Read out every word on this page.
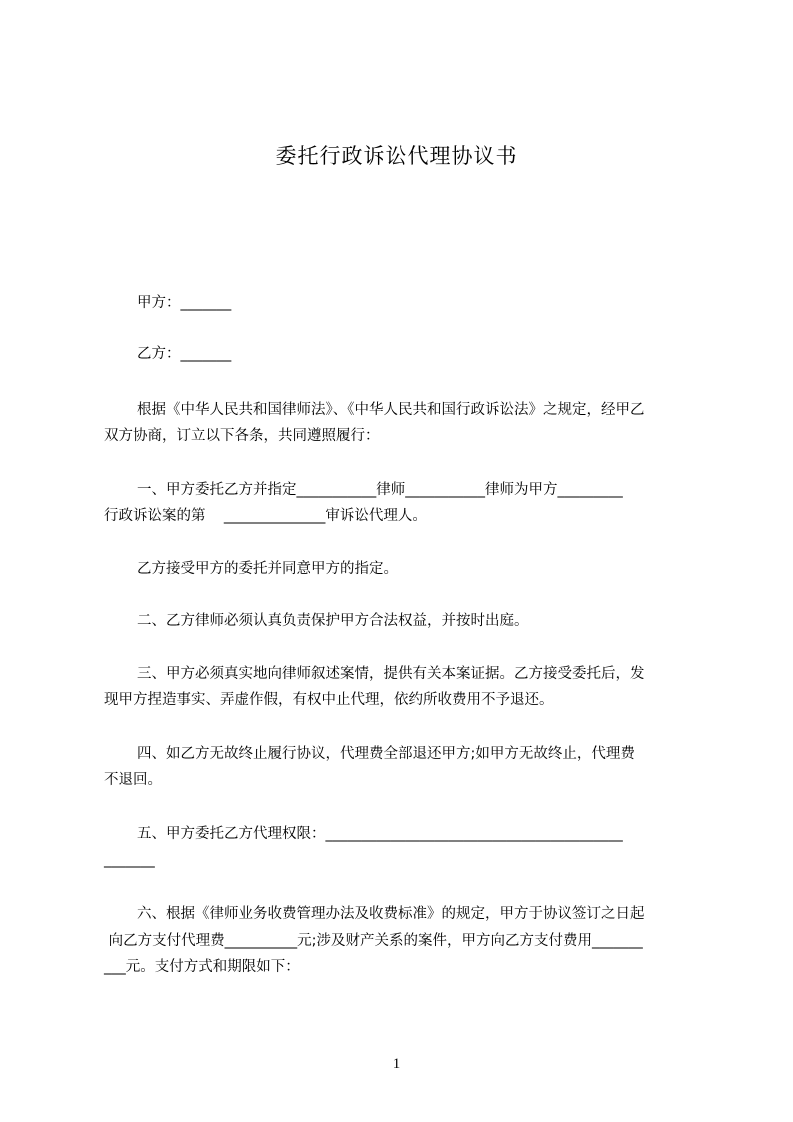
委托行政诉讼代理协议书
甲方：_______
乙方：_______
根据《中华人民共和国律师法》、《中华人民共和国行政诉讼法》之规定，经甲乙
双方协商，订立以下各条，共同遵照履行：
一、甲方委托乙方并指定___________律师___________律师为甲方_________
行政诉讼案的第    ______________审诉讼代理人。
乙方接受甲方的委托并同意甲方的指定。
二、乙方律师必须认真负责保护甲方合法权益，并按时出庭。
三、甲方必须真实地向律师叙述案情，提供有关本案证据。乙方接受委托后，发
现甲方捏造事实、弄虚作假，有权中止代理，依约所收费用不予退还。
四、如乙方无故终止履行协议，代理费全部退还甲方;如甲方无故终止，代理费
不退回。
五、甲方委托乙方代理权限：_________________________________________
_______
六、根据《律师业务收费管理办法及收费标准》的规定，甲方于协议签订之日起
向乙方支付代理费__________元;涉及财产关系的案件，甲方向乙方支付费用_______
___元。支付方式和期限如下：
1
